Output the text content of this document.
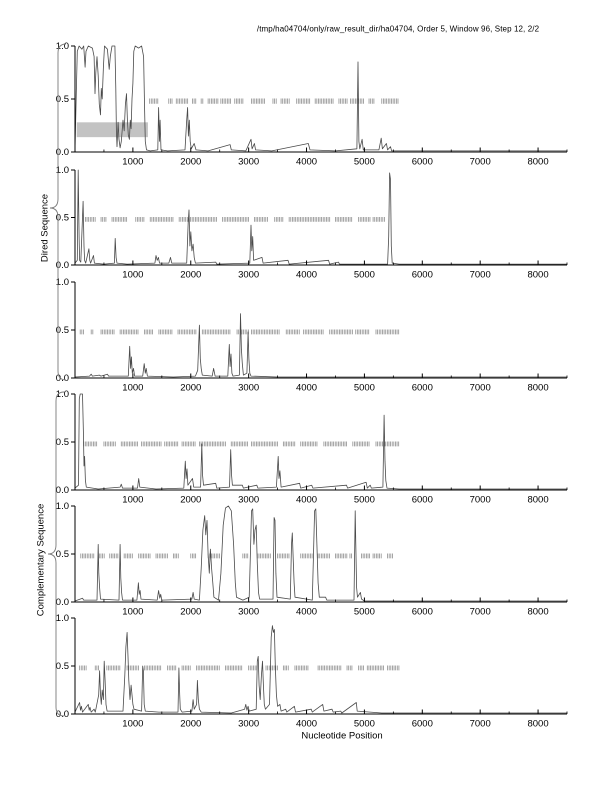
/tmp/ha04704/only/raw_result_dir/ha04704, Order 5, Window 96, Step 12, 2/2
Dired Sequence
Complementary Sequence
Nucleotide Position
0.0
0.5
1.0
1000	2000	3000	4000	5000	6000	7000	8000
0.0
0.5
1.0
1000	2000	3000	4000	5000	6000	7000	8000
0.0
0.5
1.0
1000	2000	3000	4000	5000	6000	7000	8000
0.0
0.5
1.0
1000	2000	3000	4000	5000	6000	7000	8000
0.0
0.5
1.0
1000	2000	3000	4000	5000	6000	7000	8000
0.0
0.5
1.0
1000	2000	3000	4000	5000	6000	7000	8000
